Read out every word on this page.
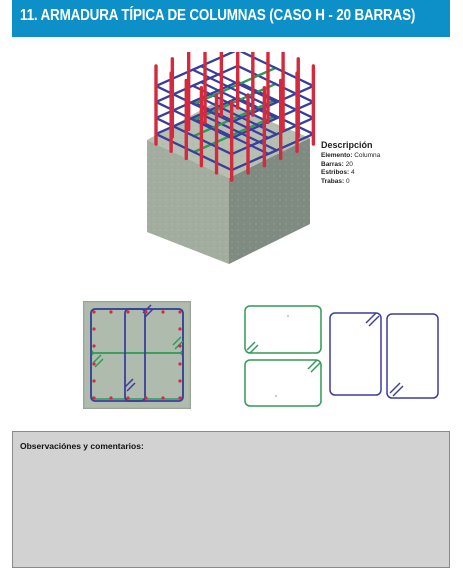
11. ARMADURA TÍPICA DE COLUMNAS (CASO H - 20 BARRAS)
Descripción
Elemento: Columna
Barras: 20
Estribos: 4
Trabas: 0
Observaciónes y comentarios:
